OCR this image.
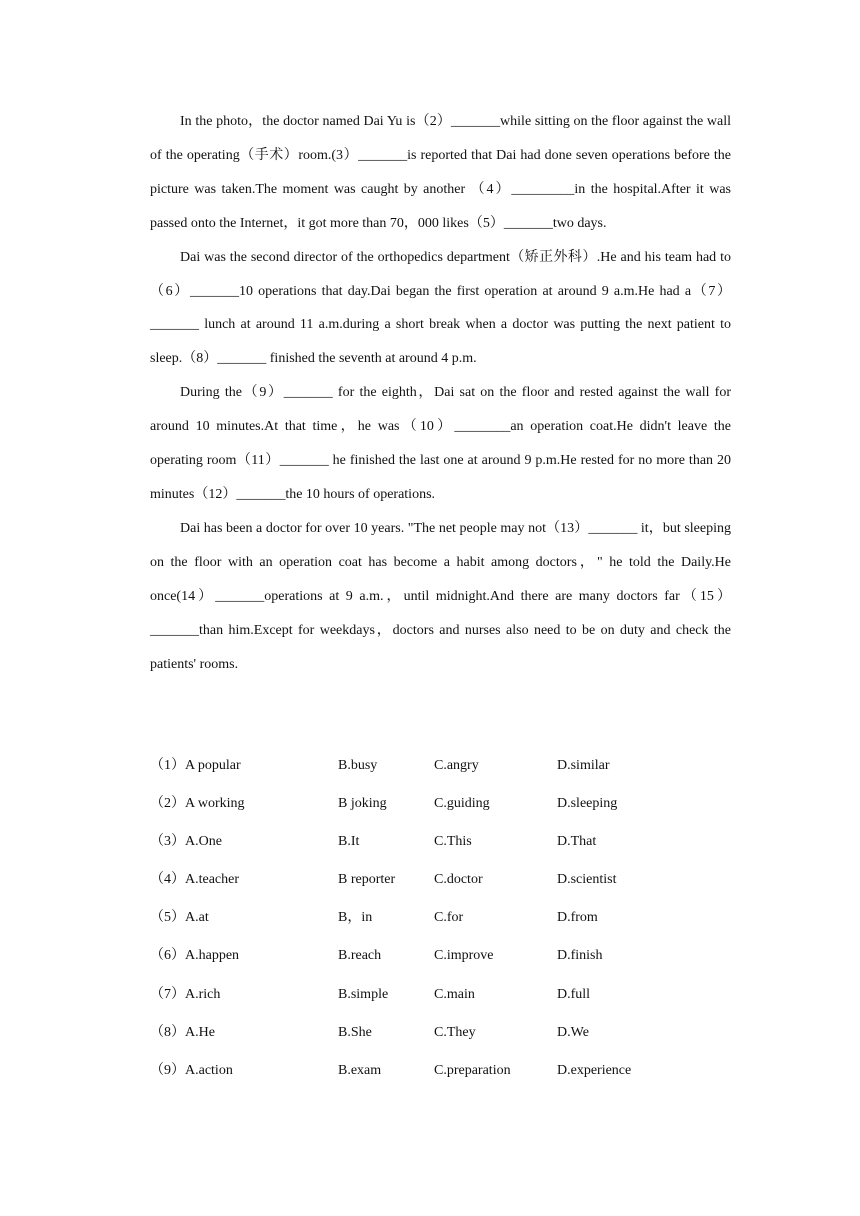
In the photo，the doctor named Dai Yu is（2）_______while sitting on the floor against the wall of the operating（手术）room.(3）_______is reported that Dai had done seven operations before the picture was taken.The moment was caught by another （4）_________in the hospital.After it was passed onto the Internet，it got more than 70，000 likes（5）_______two days.

Dai was the second director of the orthopedics department（矫正外科）.He and his team had to（6）_______10 operations that day.Dai began the first operation at around 9 a.m.He had a（7）_______ lunch at around 11 a.m.during a short break when a doctor was putting the next patient to sleep.（8）_______ finished the seventh at around 4 p.m.

During the（9）_______ for the eighth，Dai sat on the floor and rested against the wall for around 10 minutes.At that time，he was（10）________an operation coat.He didn't leave the operating room（11）_______ he finished the last one at around 9 p.m.He rested for no more than 20 minutes（12）_______the 10 hours of operations.

Dai has been a doctor for over 10 years. "The net people may not（13）_______ it，but sleeping on the floor with an operation coat has become a habit among doctors，" he told the Daily.He once(14）_______operations at 9 a.m.，until midnight.And there are many doctors far（15）_______than him.Except for weekdays，doctors and nurses also need to be on duty and check the patients' rooms.

（1）A popular	B.busy	C.angry	D.similar
（2）A working	B joking	C.guiding	D.sleeping
（3）A.One	B.It	C.This	D.That
（4）A.teacher	B reporter	C.doctor	D.scientist
（5）A.at	B，in	C.for	D.from
（6）A.happen	B.reach	C.improve	D.finish
（7）A.rich	B.simple	C.main	D.full
（8）A.He	B.She	C.They	D.We
（9）A.action	B.exam	C.preparation	D.experience
